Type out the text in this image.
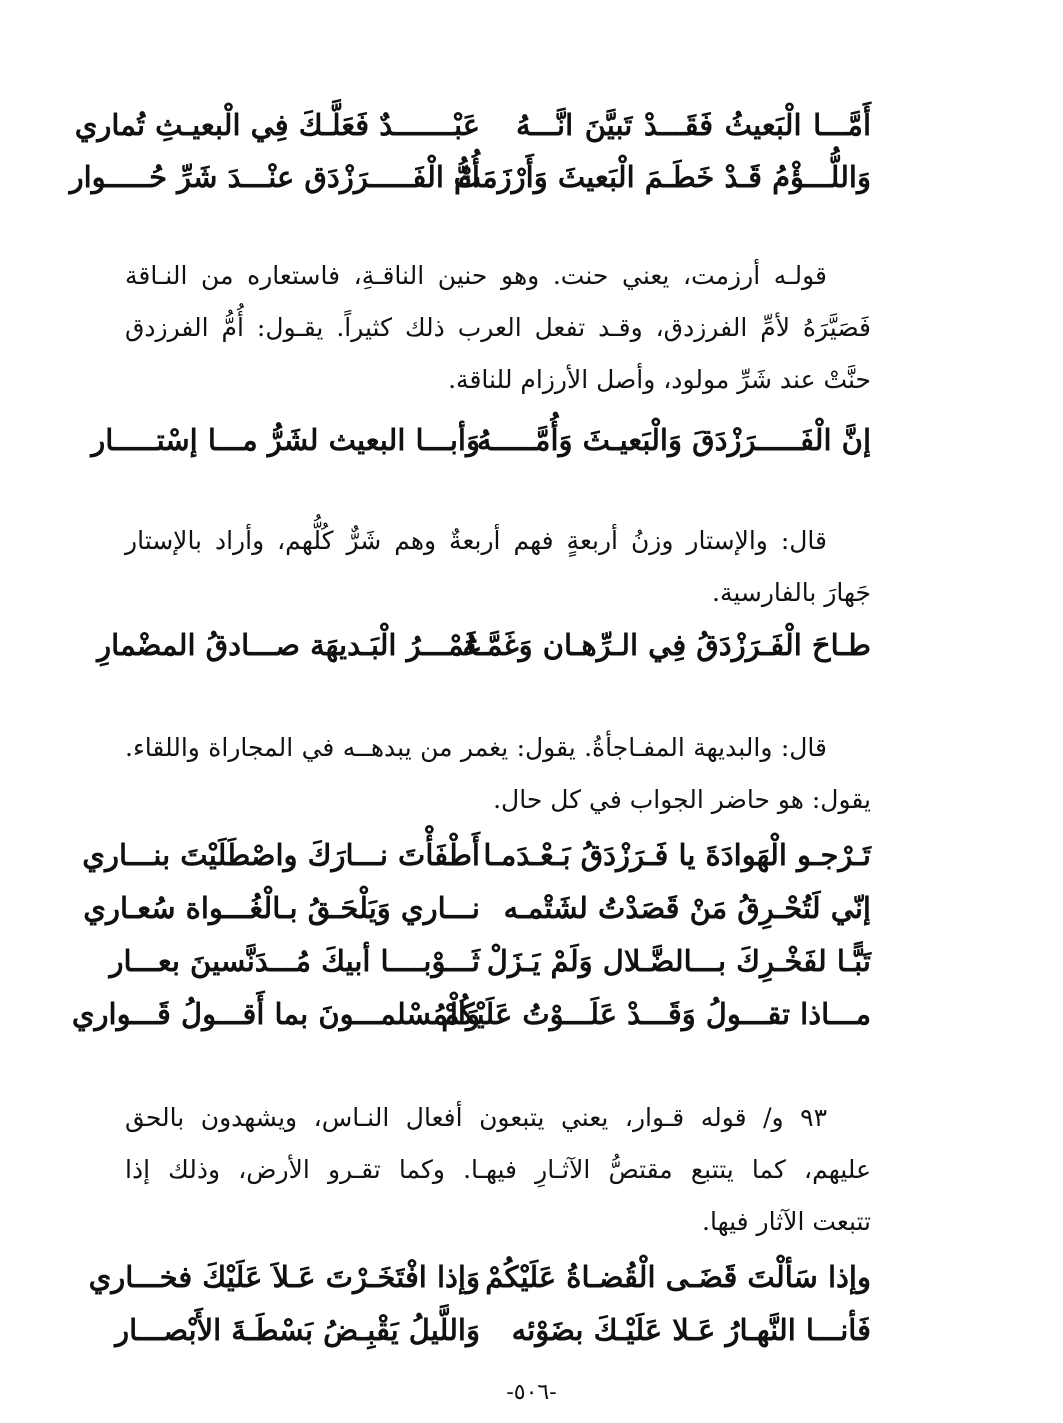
أَمَّـــا الْبَعيثُ فَقَـــدْ تَبيَّنَ انَّـــهُ
عَبْـــــــدٌ فَعَلَّـكَ فِي الْبعيـثِ تُماري
وَاللُّـــؤْمُ قَـدْ خَطَـمَ الْبَعيثَ وَأَرْزَمَتْ
أُمُّ الْفَـــــرَزْدَق عنْـــدَ شَرِّ حُـــــوار
قولـه أرزمت، يعني حنت. وهو حنين الناقـةِ، فاستعاره من النـاقة
فَصَيَّرَهُ لأمِّ الفرزدق، وقـد تفعل العرب ذلك كثيراً. يقـول: أُمُّ الفرزدق
حنَّتْ عند شَرِّ مولود، وأصل الأرزام للناقة.
إنَّ الْفَـــــرَزْدَقَ وَالْبَعيـثَ وَأُمَّـــــهُ
وَأبـــا البعيث لشَرُّ مـــا إسْتـــــار
قال: والإستار وزنُ أربعةٍ فهم أربعةٌ وهم شَرٌّ كُلُّهم، وأراد بالإستار
جَهارَ بالفارسية.
طـاحَ الْفَـرَزْدَقُ فِي الـرِّهـان وَغَمَّـهُ
غَمْـــرُ الْبَـديهَة صـــادقُ المضْمارِ
قال: والبديهة المفـاجأةُ. يقول: يغمر من يبدهــه في المجاراة واللقاء.
يقول: هو حاضر الجواب في كل حال.
تَـرْجـو الْهَوادَةَ يا فَـرَزْدَقُ بَـعْـدَمـا
أَطْفَأْتَ نـــارَكَ واصْطَلَيْتَ بنـــاري
إنّي لَتُحْـرِقُ مَنْ قَصَدْتُ لشَتْمـه
نـــاري وَيَلْحَـقُ بـالْغُـــواة سُعـاري
تَبًّـا لفَخْـرِكَ بـــالضَّـلال وَلَمْ يَـزَلْ
ثَـــوْبــــا أبيكَ مُـــدَنَّسينَ بعـــار
مـــاذا تقـــولُ وَقَـــدْ عَلَـــوْتُ عَلَيْكُمْ
وَالْمُسْلمـــونَ بما أَقـــولُ قَـــواري
٩٣ و/ قوله قـوار، يعني يتبعون أفعال النـاس، ويشهدون بالحق
عليهم، كما يتتبع مقتصُّ الآثـارِ فيهـا. وكما تقـرو الأرض، وذلك إذا
تتبعت الآثار فيها.
وإذا سَألْتَ قَضَـى الْقُضـاةُ عَلَيْكُمْ
وَإذا افْتَخَـرْتَ عَـلاَ عَلَيْكَ فخـــاري
فَأنـــا النَّهـارُ عَـلا عَلَيْـكَ بضَوْئه
وَاللَّيلُ يَقْبِـضُ بَسْطَـةَ الأَبْصـــار
-٥٠٦-
